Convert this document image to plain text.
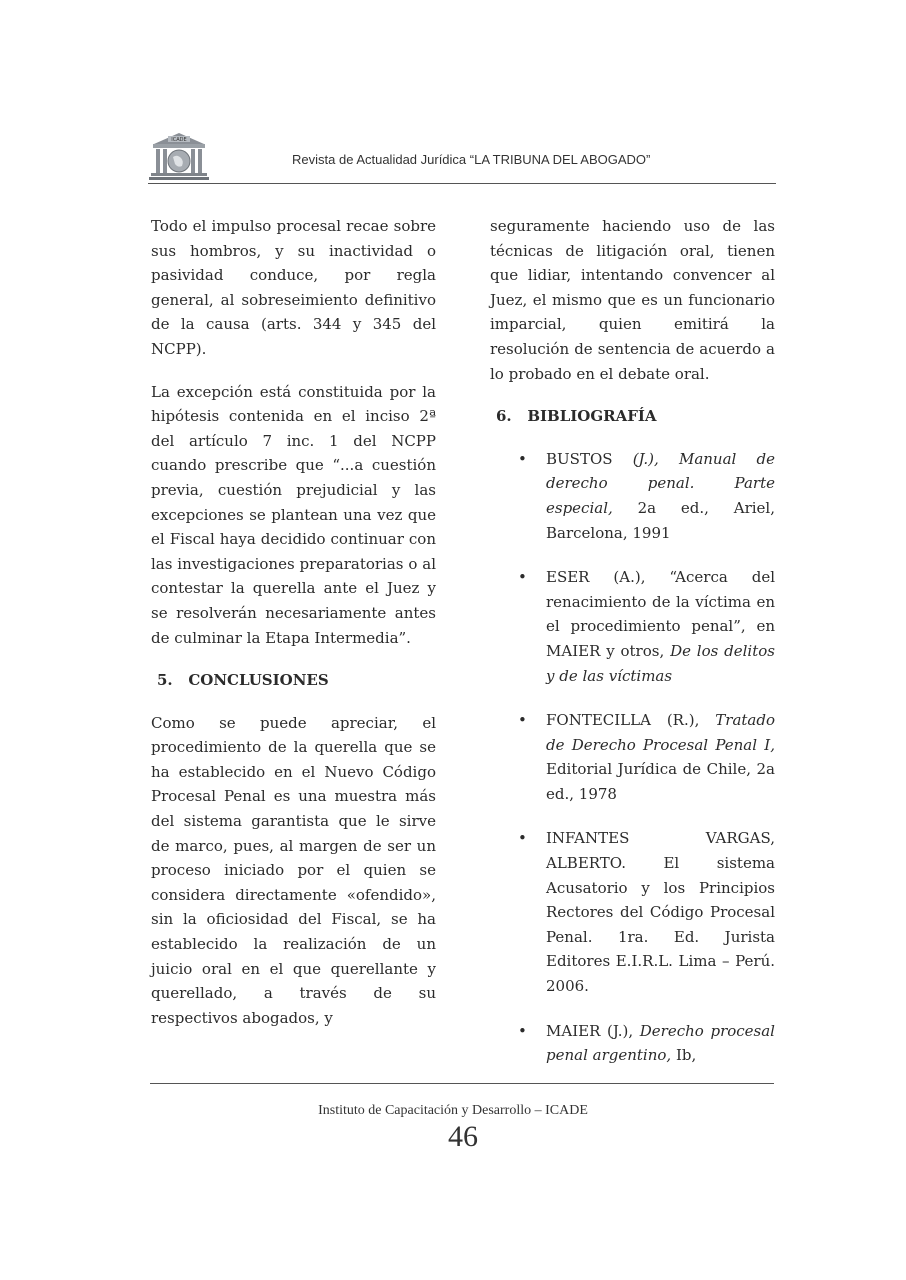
ICADE
Revista de Actualidad Jurídica “LA TRIBUNA DEL ABOGADO”

Todo el impulso procesal recae sobre sus hombros, y su inactividad o pasividad conduce, por regla general, al sobreseimiento definitivo de la causa (arts. 344 y 345 del NCPP).

La excepción está constituida por la hipótesis contenida en el inciso 2ª del artículo 7 inc. 1 del NCPP cuando prescribe que “...a cuestión previa, cuestión prejudicial y las excepciones se plantean una vez que el Fiscal haya decidido continuar con las investigaciones preparatorias o al contestar la querella ante el Juez y se resolverán necesariamente antes de culminar la Etapa Intermedia”.

5.   CONCLUSIONES

Como se puede apreciar, el procedimiento de la querella que se ha establecido en el Nuevo Código Procesal Penal es una muestra más del sistema garantista que le sirve de marco, pues, al margen de ser un proceso iniciado por el quien se considera directamente «ofendido», sin la oficiosidad del Fiscal, se ha establecido la realización de un juicio oral en el que querellante y querellado, a través de su respectivos abogados, y

seguramente haciendo uso de las técnicas de litigación oral, tienen que lidiar, intentando convencer al Juez, el mismo que es un funcionario imparcial, quien emitirá la resolución de sentencia de acuerdo a lo probado en el debate oral.

6.   BIBLIOGRAFÍA
• BUSTOS (J.), Manual de derecho penal. Parte especial, 2a ed., Ariel, Barcelona, 1991
• ESER (A.), “Acerca del renacimiento de la víctima en el procedimiento penal”, en MAIER y otros, De los delitos y de las víctimas
• FONTECILLA (R.), Tratado de Derecho Procesal Penal I, Editorial Jurídica de Chile, 2a ed., 1978
• INFANTES VARGAS, ALBERTO. El sistema Acusatorio y los Principios Rectores del Código Procesal Penal. 1ra. Ed. Jurista Editores E.I.R.L. Lima – Perú. 2006.
• MAIER (J.), Derecho procesal penal argentino, Ib,
Instituto de Capacitación y Desarrollo – ICADE
46
